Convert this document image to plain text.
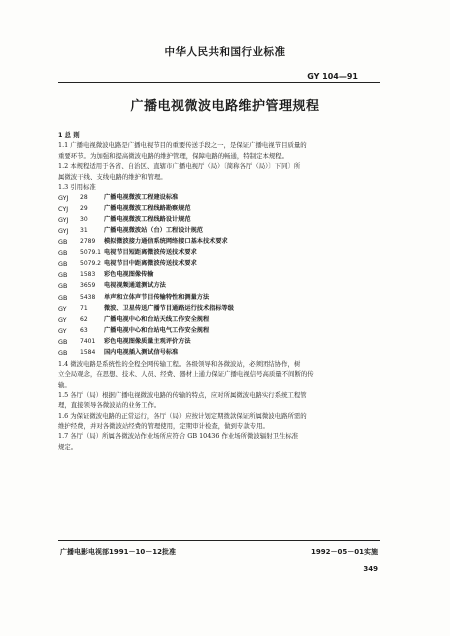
中华人民共和国行业标准
GY 104—91
广播电视微波电路维护管理规程
1 总 则
1.1 广播电视微波电路是广播电视节目的重要传送手段之一，是保证广播电视节目质量的
重要环节。为加强和提高微波电路的维护管理，保障电路的畅通，特制定本规程。
1.2 本规程适用于各省、自治区、直辖市广播电视厅（局）〔简称各厅（局）〕下同〕所
属微波干线、支线电路的维护和管理。
1.3 引用标准
GYJ	28	广播电视微波工程建设标准
CYJ	29	广播电视微波工程线路勘察规范
GYJ	30	广播电视微波工程线路设计规范
GYJ	31	广播电视微波站（台）工程设计规范
GB	2789	模拟微波接力通信系统网络接口基本技术要求
GB	5079.1 电视节目短距离微波传送技术要求
GB	5079.2 电视节目中距离微波传送技术要求
GB	1583	彩色电视图像传输
GB	3659	电视视频通道测试方法
GB	5438	单声和立体声节目传输特性和测量方法
GY	71	微波、卫星传送广播节目通路运行技术指标等级
GY	62	广播电视中心和台站天线工作安全规程
GY	63	广播电视中心和台站电气工作安全规程
GB	7401	彩色电视图像质量主观评价方法
GB	1584	国内电视插入测试信号标准
1.4 微波电路是系统性的全程全网传输工程。各级领导和各微波站，必须团结协作，树
立全局观念，在思想、技术、人员、经费、器材上通力保证广播电视信号高质量不间断的传
输。
1.5 各厅（局）根据广播电视微波电路的传输的特点，应对所属微波电路实行系统工程管
理，直接领导各微波站的业务工作。
1.6 为保证微波电路的正常运行，各厅（局）应按计划定期拨款保证所属微波电路所需的
维护经费，并对各微波站经费的管理使用，定期审计检查，做到专款专用。
1.7 各厅（局）所属各微波站作业场所应符合 GB 10436 作业场所微波辐射卫生标准
规定。
广播电影电视部1991－10－12批准	1992－05－01实施
349
